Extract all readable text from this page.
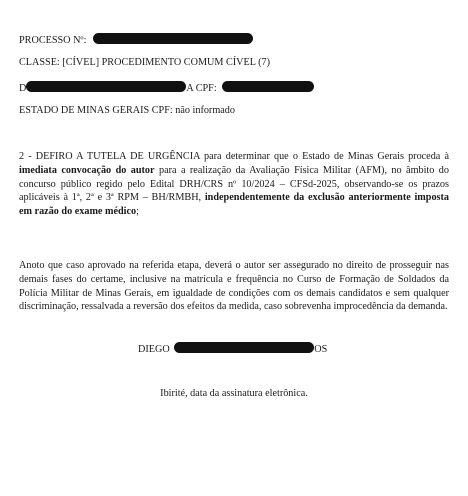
PROCESSO Nº:
CLASSE: [CÍVEL] PROCEDIMENTO COMUM CÍVEL (7)
D	A CPF:
ESTADO DE MINAS GERAIS CPF: não informado

2 - DEFIRO A TUTELA DE URGÊNCIA para determinar que o Estado de Minas Gerais proceda à imediata convocação do autor para a realização da Avaliação Física Militar (AFM), no âmbito do concurso público regido pelo Edital DRH/CRS nº 10/2024 – CFSd-2025, observando-se os prazos aplicáveis à 1ª, 2ª e 3ª RPM – BH/RMBH, independentemente da exclusão anteriormente imposta em razão do exame médico;

Anoto que caso aprovado na referida etapa, deverá o autor ser assegurado no direito de prosseguir nas demais fases do certame, inclusive na matrícula e frequência no Curso de Formação de Soldados da Polícia Militar de Minas Gerais, em igualdade de condições com os demais candidatos e sem qualquer discriminação, ressalvada a reversão dos efeitos da medida, caso sobrevenha improcedência da demanda.

DIEGO	OS
Ibirité, data da assinatura eletrônica.
